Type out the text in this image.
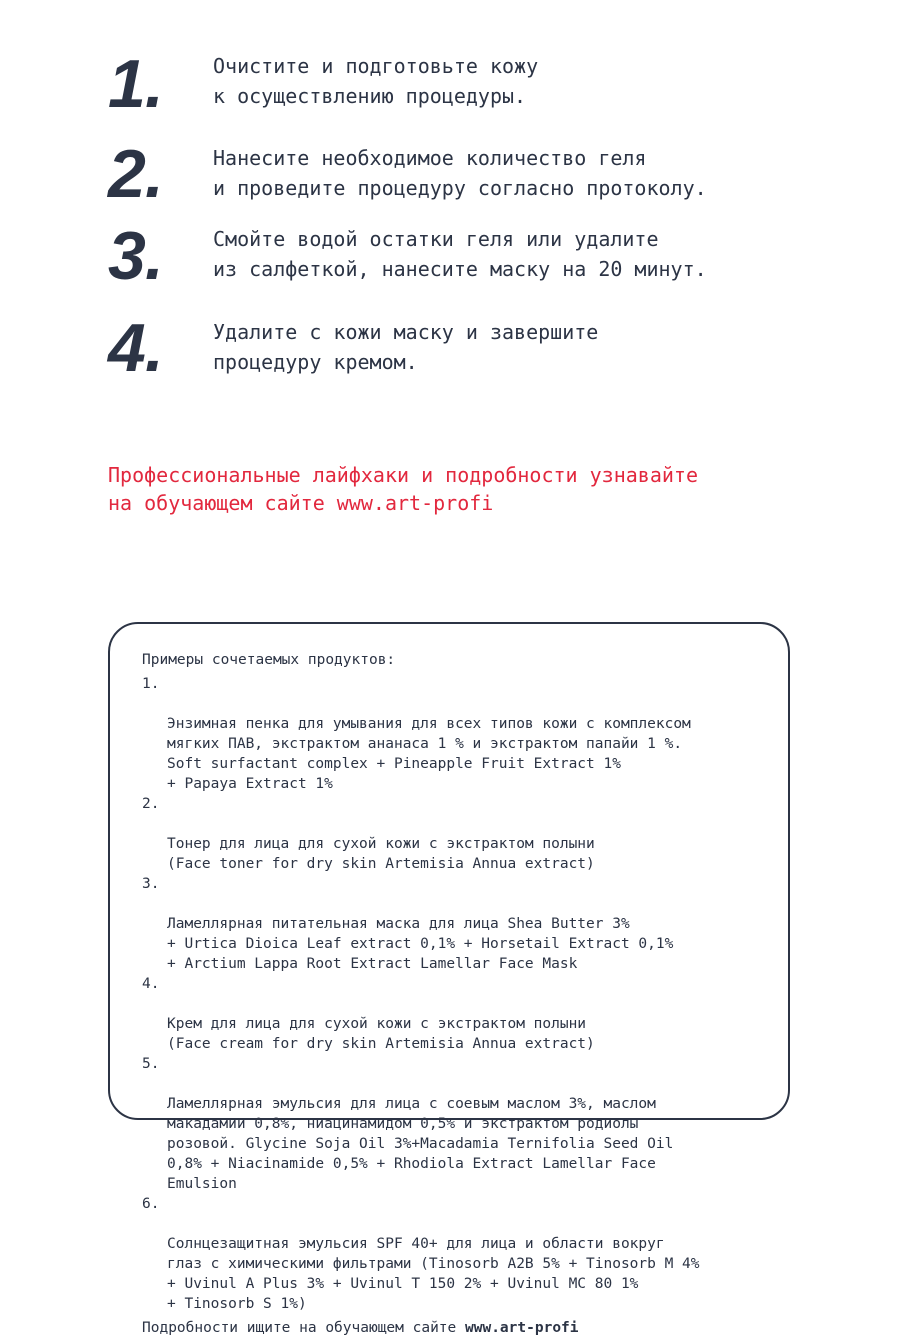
1.	Очистите и подготовьте кожу
к осуществлению процедуры.
2.	Нанесите необходимое количество геля
и проведите процедуру согласно протоколу.
3.	Смойте водой остатки геля или удалите
из салфеткой, нанесите маску на 20 минут.
4.	Удалите с кожи маску и завершите
процедуру кремом.
Профессиональные лайфхаки и подробности узнавайте
на обучающем сайте www.art-profi
Примеры сочетаемых продуктов:

1.

Энзимная пенка для умывания для всех типов кожи с комплексом
мягких ПАВ, экстрактом ананаса 1 % и экстрактом папайи 1 %.
Soft surfactant complex + Pineapple Fruit Extract 1%
+ Papaya Extract 1%

2.

Тонер для лица для сухой кожи с экстрактом полыни
(Face toner for dry skin Artemisia Annua extract)

3.

Ламеллярная питательная маска для лица Shea Butter 3%
+ Urtica Dioica Leaf extract 0,1% + Horsetail Extract 0,1%
+ Arctium Lappa Root Extract Lamellar Face Mask

4.

Крем для лица для сухой кожи с экстрактом полыни
(Face cream for dry skin Artemisia Annua extract)

5.

Ламеллярная эмульсия для лица с соевым маслом 3%, маслом
макадамии 0,8%, ниацинамидом 0,5% и экстрактом родиолы
розовой. Glycine Soja Oil 3%+Macadamia Ternifolia Seed Oil
0,8% + Niacinamide 0,5% + Rhodiola Extract Lamellar Face
Emulsion

6.

Солнцезащитная эмульсия SPF 40+ для лица и области вокруг
глаз с химическими фильтрами (Tinosorb A2B 5% + Tinosorb M 4%
+ Uvinul A Plus 3% + Uvinul T 150 2% + Uvinul MC 80 1%
+ Tinosorb S 1%)

Подробности ищите на обучающем сайте www.art-profi
